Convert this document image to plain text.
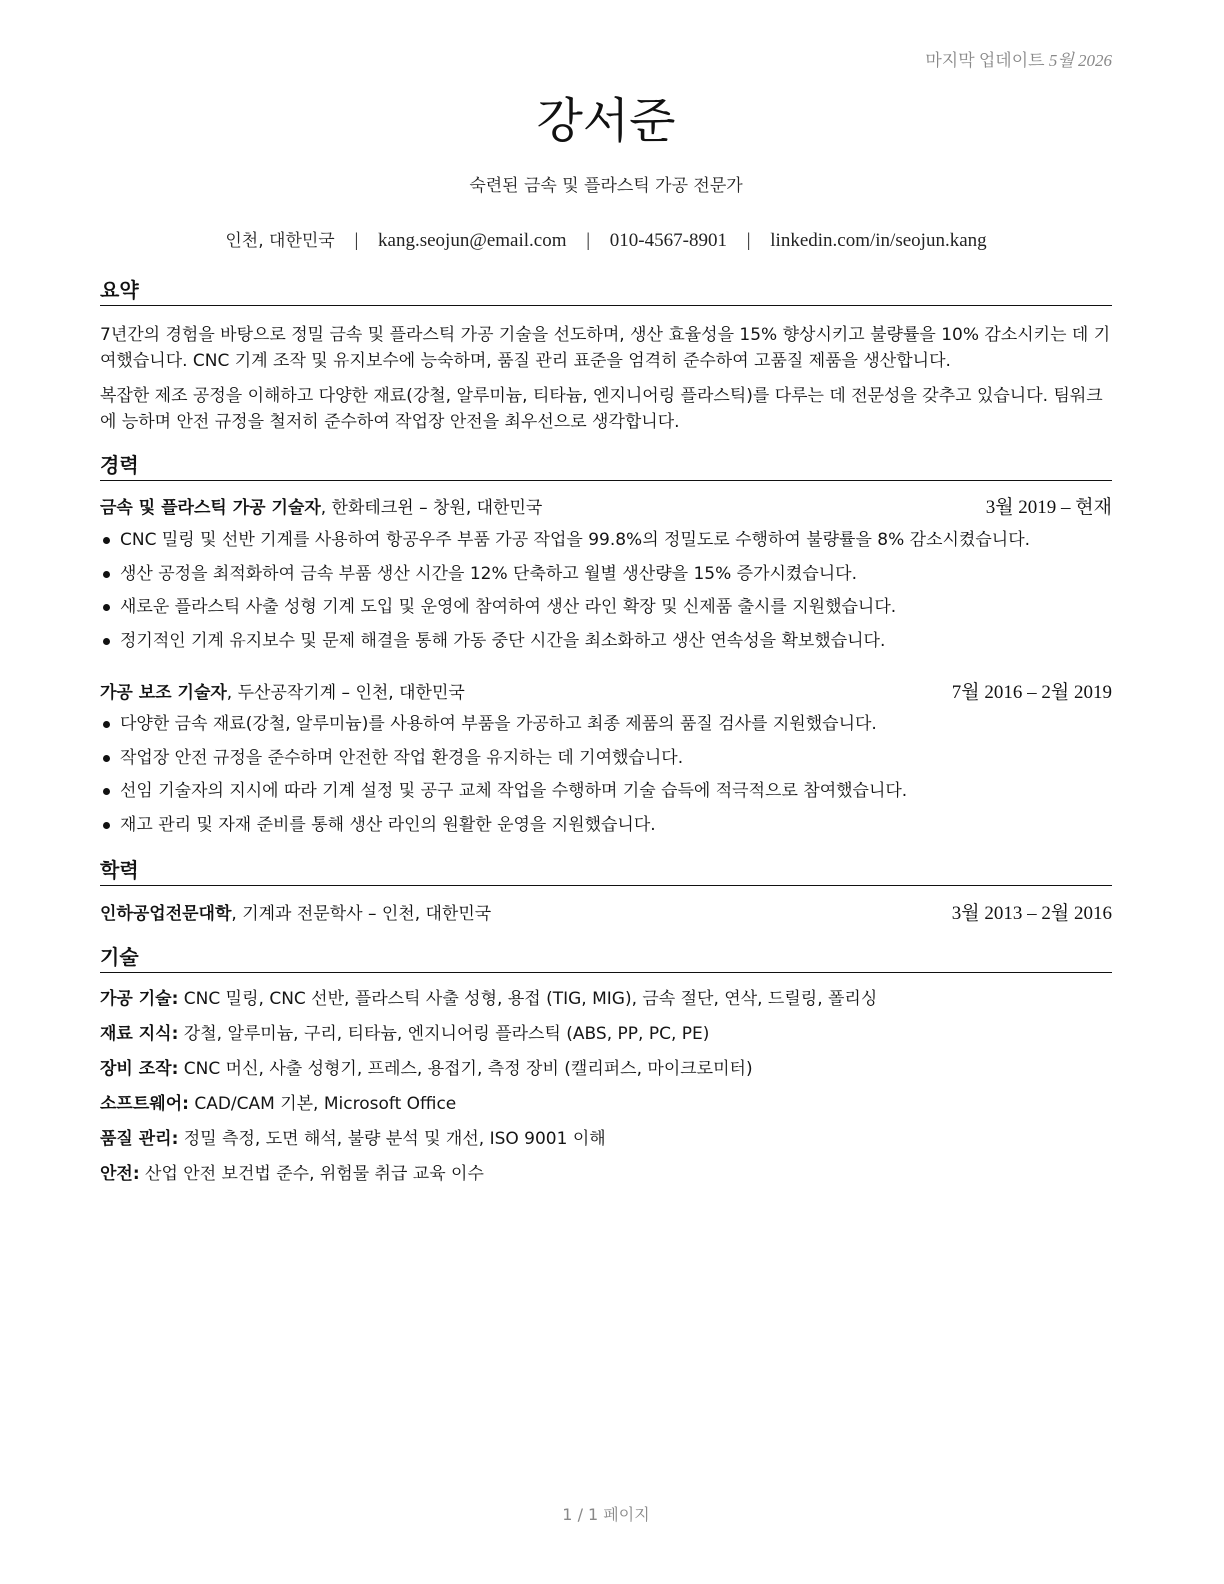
마지막 업데이트 5월 2026
강서준
숙련된 금속 및 플라스틱 가공 전문가
인천, 대한민국 | kang.seojun@email.com | 010-4567-8901 | linkedin.com/in/seojun.kang
요약
7년간의 경험을 바탕으로 정밀 금속 및 플라스틱 가공 기술을 선도하며, 생산 효율성을 15% 향상시키고 불량률을 10% 감소시키는 데 기여했습니다. CNC 기계 조작 및 유지보수에 능숙하며, 품질 관리 표준을 엄격히 준수하여 고품질 제품을 생산합니다.
복잡한 제조 공정을 이해하고 다양한 재료(강철, 알루미늄, 티타늄, 엔지니어링 플라스틱)를 다루는 데 전문성을 갖추고 있습니다. 팀워크에 능하며 안전 규정을 철저히 준수하여 작업장 안전을 최우선으로 생각합니다.
경력
금속 및 플라스틱 가공 기술자, 한화테크윈 – 창원, 대한민국	3월 2019 – 현재
CNC 밀링 및 선반 기계를 사용하여 항공우주 부품 가공 작업을 99.8%의 정밀도로 수행하여 불량률을 8% 감소시켰습니다.
생산 공정을 최적화하여 금속 부품 생산 시간을 12% 단축하고 월별 생산량을 15% 증가시켰습니다.
새로운 플라스틱 사출 성형 기계 도입 및 운영에 참여하여 생산 라인 확장 및 신제품 출시를 지원했습니다.
정기적인 기계 유지보수 및 문제 해결을 통해 가동 중단 시간을 최소화하고 생산 연속성을 확보했습니다.
가공 보조 기술자, 두산공작기계 – 인천, 대한민국	7월 2016 – 2월 2019
다양한 금속 재료(강철, 알루미늄)를 사용하여 부품을 가공하고 최종 제품의 품질 검사를 지원했습니다.
작업장 안전 규정을 준수하며 안전한 작업 환경을 유지하는 데 기여했습니다.
선임 기술자의 지시에 따라 기계 설정 및 공구 교체 작업을 수행하며 기술 습득에 적극적으로 참여했습니다.
재고 관리 및 자재 준비를 통해 생산 라인의 원활한 운영을 지원했습니다.
학력
인하공업전문대학, 기계과 전문학사 – 인천, 대한민국	3월 2013 – 2월 2016
기술
가공 기술: CNC 밀링, CNC 선반, 플라스틱 사출 성형, 용접 (TIG, MIG), 금속 절단, 연삭, 드릴링, 폴리싱
재료 지식: 강철, 알루미늄, 구리, 티타늄, 엔지니어링 플라스틱 (ABS, PP, PC, PE)
장비 조작: CNC 머신, 사출 성형기, 프레스, 용접기, 측정 장비 (캘리퍼스, 마이크로미터)
소프트웨어: CAD/CAM 기본, Microsoft Office
품질 관리: 정밀 측정, 도면 해석, 불량 분석 및 개선, ISO 9001 이해
안전: 산업 안전 보건법 준수, 위험물 취급 교육 이수
1 / 1 페이지
